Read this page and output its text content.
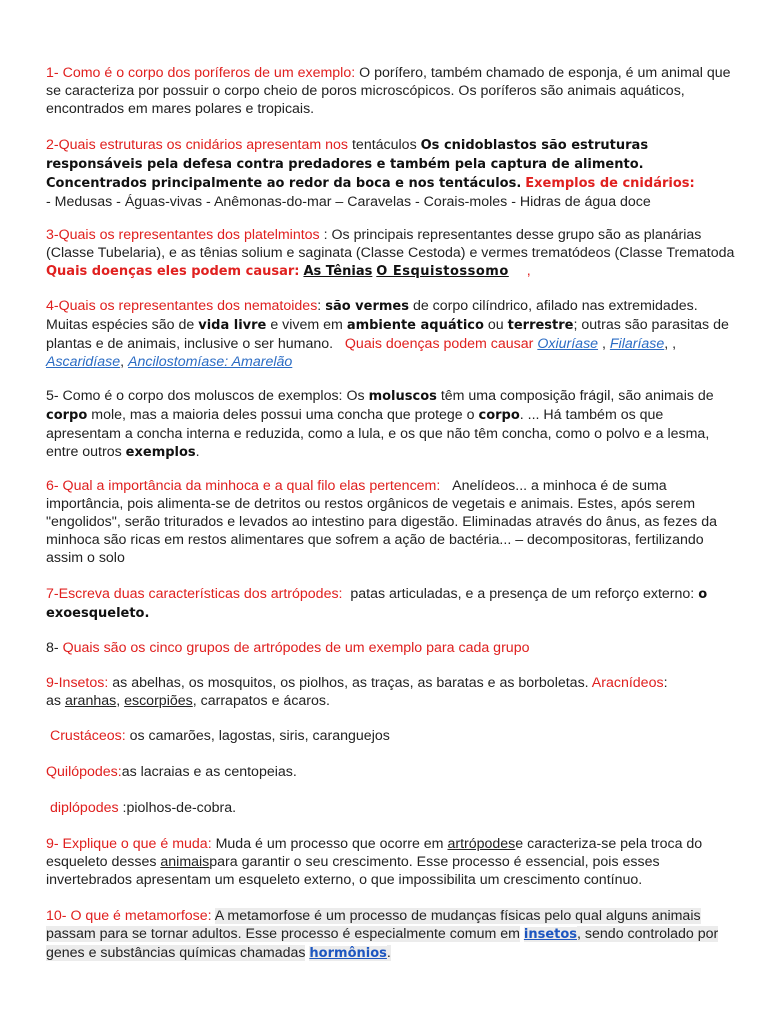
1- Como é o corpo dos poríferos de um exemplo: O porífero, também chamado de esponja, é um animal que se caracteriza por possuir o corpo cheio de poros microscópicos. Os poríferos são animais aquáticos, encontrados em mares polares e tropicais.

2-Quais estruturas os cnidários apresentam nos tentáculos Os cnidoblastos são estruturas responsáveis pela defesa contra predadores e também pela captura de alimento. Concentrados principalmente ao redor da boca e nos tentáculos. Exemplos de cnidários:
- Medusas - Águas-vivas - Anêmonas-do-mar – Caravelas - Corais-moles - Hidras de água doce

3-Quais os representantes dos platelmintos : Os principais representantes desse grupo são as planárias (Classe Tubelaria), e as tênias solium e saginata (Classe Cestoda) e vermes trematódeos (Classe Trematoda Quais doenças eles podem causar: As Tênias O Esquistossomo ,

4-Quais os representantes dos nematoides: são vermes de corpo cilíndrico, afilado nas extremidades. Muitas espécies são de vida livre e vivem em ambiente aquático ou terrestre; outras são parasitas de plantas e de animais, inclusive o ser humano. Quais doenças podem causar Oxiuríase , Filaríase, , Ascaridíase, Ancilostomíase: Amarelão

5- Como é o corpo dos moluscos de exemplos: Os moluscos têm uma composição frágil, são animais de corpo mole, mas a maioria deles possui uma concha que protege o corpo. ... Há também os que apresentam a concha interna e reduzida, como a lula, e os que não têm concha, como o polvo e a lesma, entre outros exemplos.

6- Qual a importância da minhoca e a qual filo elas pertencem: Anelídeos... a minhoca é de suma importância, pois alimenta-se de detritos ou restos orgânicos de vegetais e animais. Estes, após serem "engolidos", serão triturados e levados ao intestino para digestão. Eliminadas através do ânus, as fezes da minhoca são ricas em restos alimentares que sofrem a ação de bactéria... – decompositoras, fertilizando assim o solo

7-Escreva duas características dos artrópodes: patas articuladas, e a presença de um reforço externo: o exoesqueleto.

8- Quais são os cinco grupos de artrópodes de um exemplo para cada grupo

9-Insetos: as abelhas, os mosquitos, os piolhos, as traças, as baratas e as borboletas. Aracnídeos:
as aranhas, escorpiões, carrapatos e ácaros.

Crustáceos: os camarões, lagostas, siris, caranguejos

Quilópodes:as lacraias e as centopeias.

diplópodes :piolhos-de-cobra.

9- Explique o que é muda: Muda é um processo que ocorre em artrópodese caracteriza-se pela troca do esqueleto desses animaispara garantir o seu crescimento. Esse processo é essencial, pois esses invertebrados apresentam um esqueleto externo, o que impossibilita um crescimento contínuo.

10- O que é metamorfose: A metamorfose é um processo de mudanças físicas pelo qual alguns animais passam para se tornar adultos. Esse processo é especialmente comum em insetos, sendo controlado por genes e substâncias químicas chamadas hormônios.
